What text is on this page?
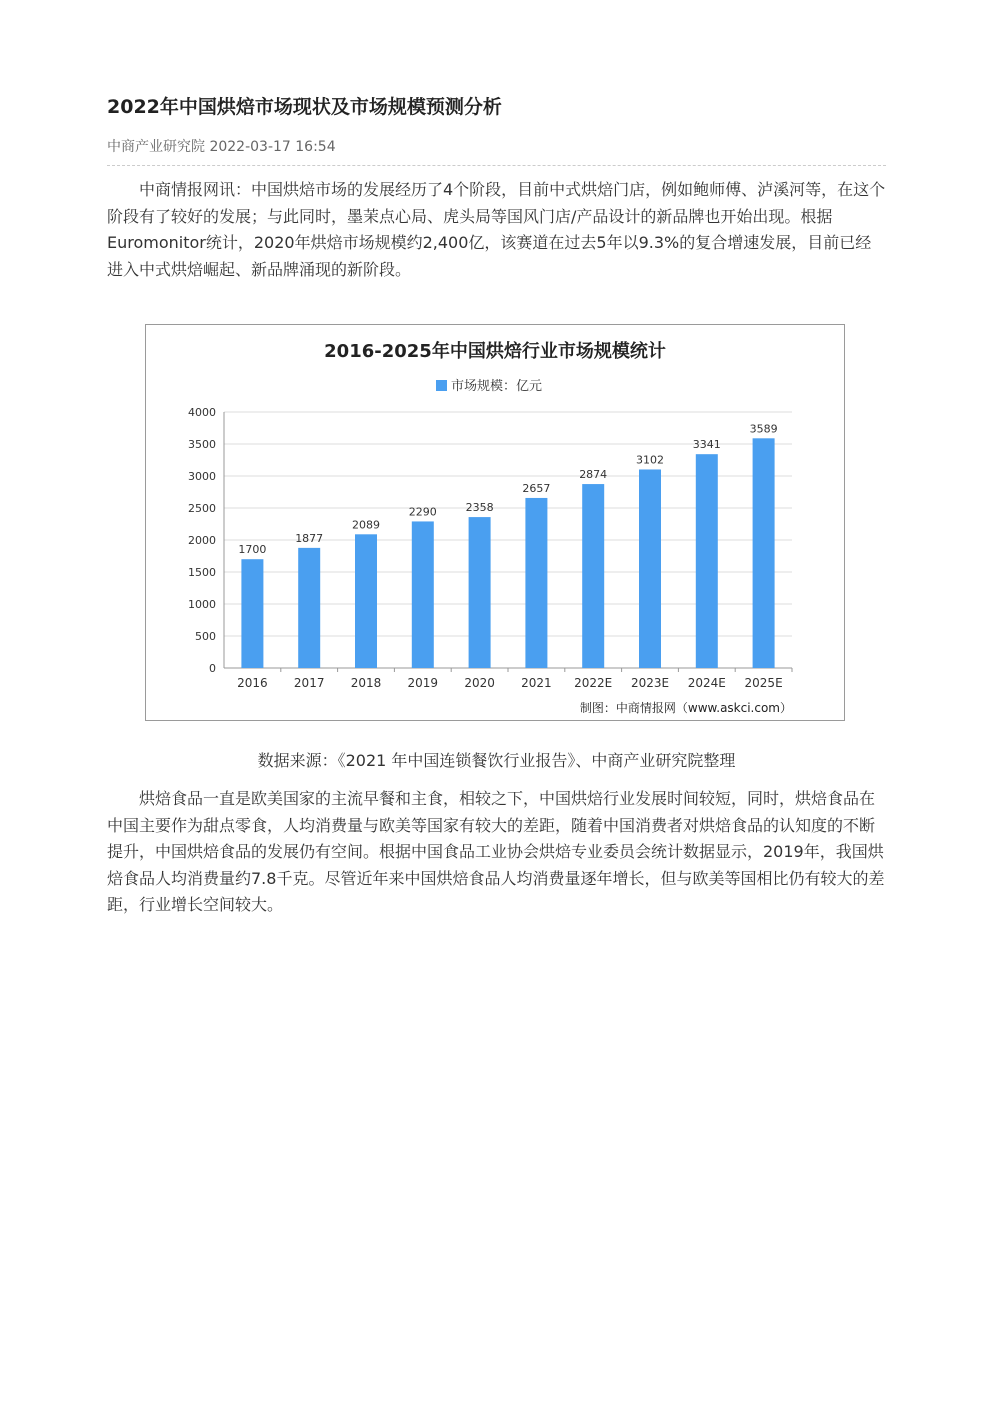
2022年中国烘焙市场现状及市场规模预测分析
中商产业研究院 2022-03-17 16:54

中商情报网讯：中国烘焙市场的发展经历了4个阶段，目前中式烘焙门店，例如鲍师傅、泸溪河等，在这个阶段有了较好的发展；与此同时，墨茉点心局、虎头局等国风门店/产品设计的新品牌也开始出现。根据Euromonitor统计，2020年烘焙市场规模约2,400亿，该赛道在过去5年以9.3%的复合增速发展，目前已经进入中式烘焙崛起、新品牌涌现的新阶段。

2016-2025年中国烘焙行业市场规模统计
市场规模：亿元
0
500
1000
1500
2000
2500
3000
3500
4000
1700
2016
1877
2017
2089
2018
2290
2019
2358
2020
2657
2021
2874
2022E
3102
2023E
3341
2024E
3589
2025E
制图：中商情报网（www.askci.com）
数据来源：《2021 年中国连锁餐饮行业报告》、中商产业研究院整理

烘焙食品一直是欧美国家的主流早餐和主食，相较之下，中国烘焙行业发展时间较短，同时，烘焙食品在中国主要作为甜点零食，人均消费量与欧美等国家有较大的差距，随着中国消费者对烘焙食品的认知度的不断提升，中国烘焙食品的发展仍有空间。根据中国食品工业协会烘焙专业委员会统计数据显示，2019年，我国烘焙食品人均消费量约7.8千克。尽管近年来中国烘焙食品人均消费量逐年增长，但与欧美等国相比仍有较大的差距，行业增长空间较大。
